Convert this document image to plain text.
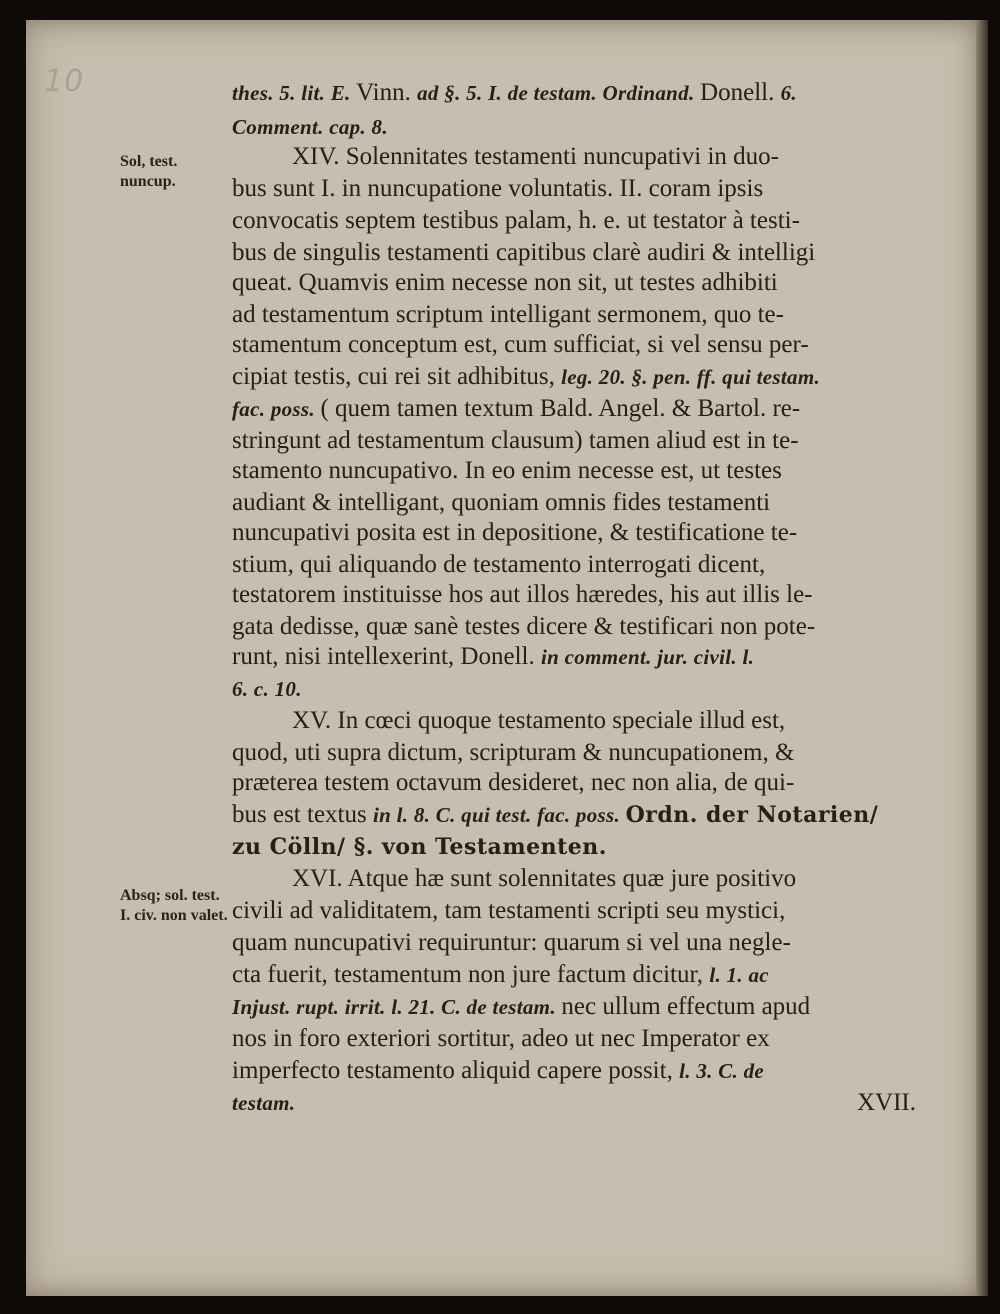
10
Sol, test. nuncup.
Absq; sol. test. I. civ. non valet.
thes. 5. lit. E. Vinn. ad §. 5. I. de testam. Ordinand. Donell. 6.
Comment. cap. 8.
XIV. Solennitates testamenti nuncupativi in duo-
bus sunt I. in nuncupatione voluntatis. II. coram ipsis
convocatis septem testibus palam, h. e. ut testator à testi-
bus de singulis testamenti capitibus clarè audiri & intelligi
queat. Quamvis enim necesse non sit, ut testes adhibiti
ad testamentum scriptum intelligant sermonem, quo te-
stamentum conceptum est, cum sufficiat, si vel sensu per-
cipiat testis, cui rei sit adhibitus, leg. 20. §. pen. ff. qui testam.
fac. poss. ( quem tamen textum Bald. Angel. & Bartol. re-
stringunt ad testamentum clausum) tamen aliud est in te-
stamento nuncupativo. In eo enim necesse est, ut testes
audiant & intelligant, quoniam omnis fides testamenti
nuncupativi posita est in depositione, & testificatione te-
stium, qui aliquando de testamento interrogati dicent,
testatorem instituisse hos aut illos hæredes, his aut illis le-
gata dedisse, quæ sanè testes dicere & testificari non pote-
runt, nisi intellexerint, Donell. in comment. jur. civil. l.
6. c. 10.
XV. In cœci quoque testamento speciale illud est,
quod, uti supra dictum, scripturam & nuncupationem, &
præterea testem octavum desideret, nec non alia, de qui-
bus est textus in l. 8. C. qui test. fac. poss. Ordn. der Notarien/
zu Cölln/ §. von Testamenten.
XVI. Atque hæ sunt solennitates quæ jure positivo
civili ad validitatem, tam testamenti scripti seu mystici,
quam nuncupativi requiruntur: quarum si vel una negle-
cta fuerit, testamentum non jure factum dicitur, l. 1. ac
Injust. rupt. irrit. l. 21. C. de testam. nec ullum effectum apud
nos in foro exteriori sortitur, adeo ut nec Imperator ex
imperfecto testamento aliquid capere possit, l. 3. C. de
testam.	XVII.
